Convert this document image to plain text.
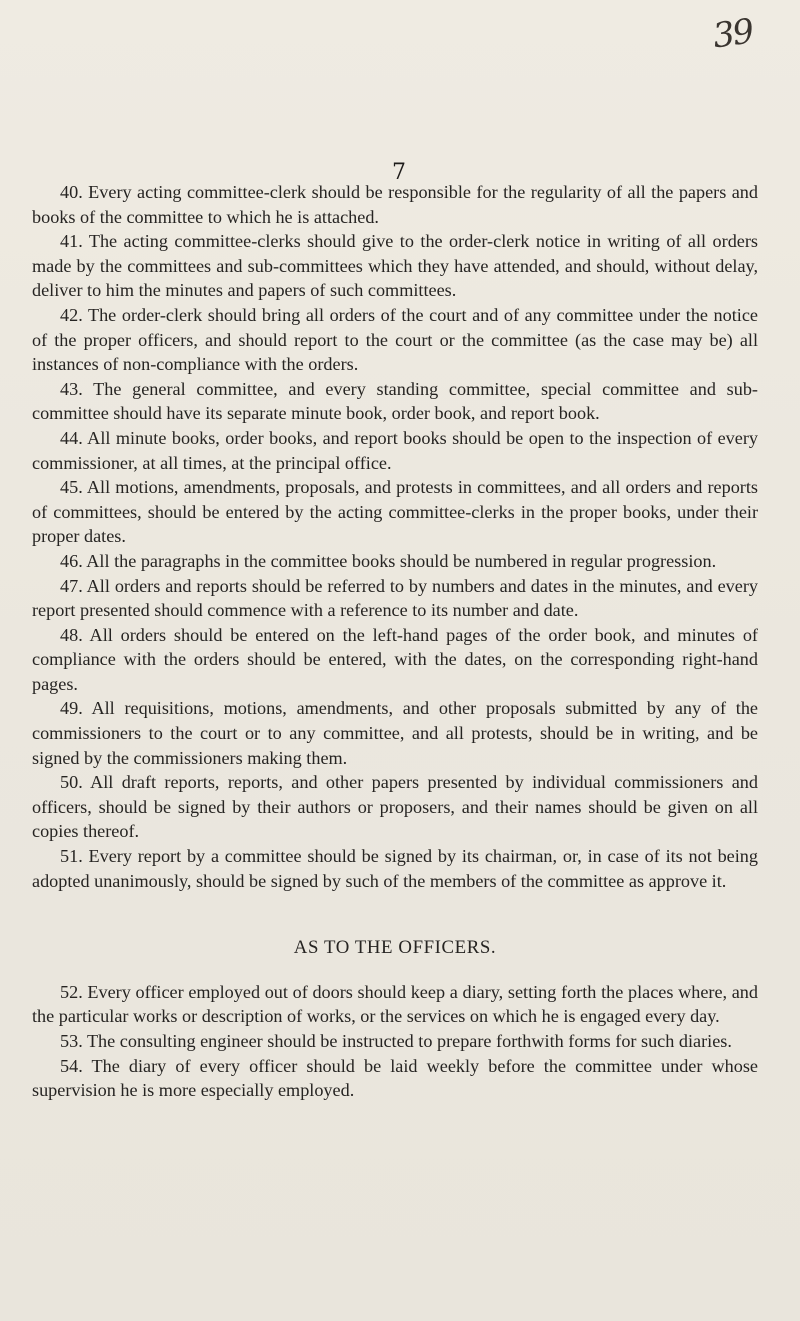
39
7

40. Every acting committee-clerk should be responsible for the regularity of all the papers and books of the committee to which he is attached.

41. The acting committee-clerks should give to the order-clerk notice in writing of all orders made by the committees and sub-committees which they have attended, and should, without delay, deliver to him the minutes and papers of such committees.

42. The order-clerk should bring all orders of the court and of any committee under the notice of the proper officers, and should report to the court or the committee (as the case may be) all instances of non-compliance with the orders.

43. The general committee, and every standing committee, special committee and sub-committee should have its separate minute book, order book, and report book.

44. All minute books, order books, and report books should be open to the inspection of every commissioner, at all times, at the principal office.

45. All motions, amendments, proposals, and protests in committees, and all orders and reports of committees, should be entered by the acting committee-clerks in the proper books, under their proper dates.

46. All the paragraphs in the committee books should be numbered in regular progression.

47. All orders and reports should be referred to by numbers and dates in the minutes, and every report presented should commence with a reference to its number and date.

48. All orders should be entered on the left-hand pages of the order book, and minutes of compliance with the orders should be entered, with the dates, on the corresponding right-hand pages.

49. All requisitions, motions, amendments, and other proposals submitted by any of the commissioners to the court or to any committee, and all protests, should be in writing, and be signed by the commissioners making them.

50. All draft reports, reports, and other papers presented by individual commissioners and officers, should be signed by their authors or proposers, and their names should be given on all copies thereof.

51. Every report by a committee should be signed by its chairman, or, in case of its not being adopted unanimously, should be signed by such of the members of the committee as approve it.

AS TO THE OFFICERS.

52. Every officer employed out of doors should keep a diary, setting forth the places where, and the particular works or description of works, or the services on which he is engaged every day.

53. The consulting engineer should be instructed to prepare forthwith forms for such diaries.

54. The diary of every officer should be laid weekly before the committee under whose supervision he is more especially employed.
